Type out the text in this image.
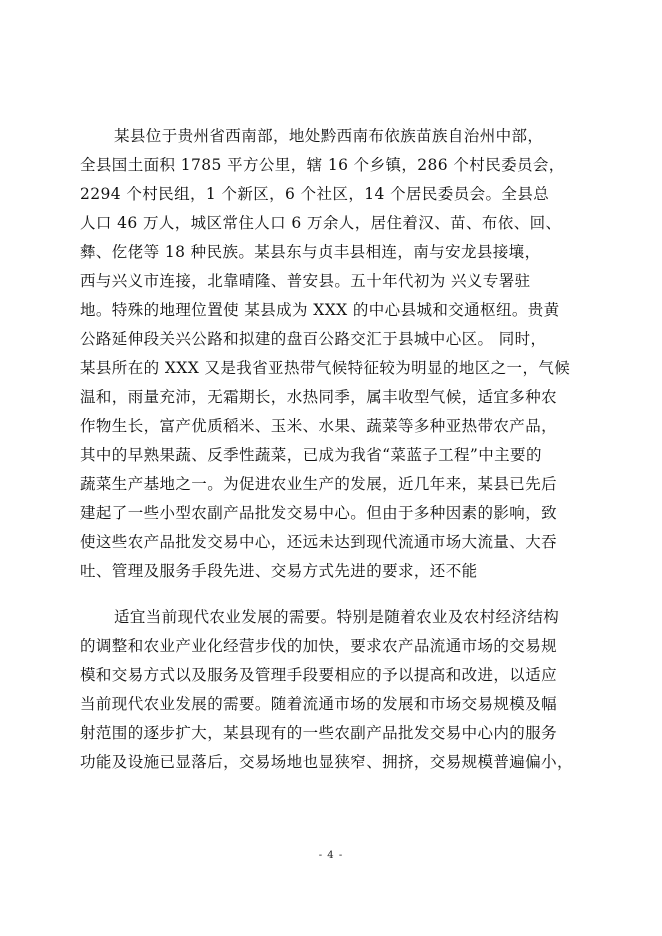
某县位于贵州省西南部，地处黔西南布依族苗族自治州中部，
全县国土面积 1785 平方公里，辖 16 个乡镇，286 个村民委员会，
2294 个村民组，1 个新区，6 个社区，14 个居民委员会。全县总
人口 46 万人，城区常住人口 6 万余人，居住着汉、苗、布依、回、
彝、仡佬等 18 种民族。某县东与贞丰县相连，南与安龙县接壤，
西与兴义市连接，北靠晴隆、普安县。五十年代初为 兴义专署驻
地。特殊的地理位置使 某县成为 XXX 的中心县城和交通枢纽。贵黄
公路延伸段关兴公路和拟建的盘百公路交汇于县城中心区。 同时，
某县所在的 XXX 又是我省亚热带气候特征较为明显的地区之一，气候
温和，雨量充沛，无霜期长，水热同季，属丰收型气候，适宜多种农
作物生长，富产优质稻米、玉米、水果、蔬菜等多种亚热带农产品，
其中的早熟果蔬、反季性蔬菜，已成为我省“菜蓝子工程”中主要的
蔬菜生产基地之一。为促进农业生产的发展，近几年来，某县已先后
建起了一些小型农副产品批发交易中心。但由于多种因素的影响，致
使这些农产品批发交易中心，还远未达到现代流通市场大流量、大吞
吐、管理及服务手段先进、交易方式先进的要求，还不能
适宜当前现代农业发展的需要。特别是随着农业及农村经济结构
的调整和农业产业化经营步伐的加快，要求农产品流通市场的交易规
模和交易方式以及服务及管理手段要相应的予以提高和改进，以适应
当前现代农业发展的需要。随着流通市场的发展和市场交易规模及幅
射范围的逐步扩大，某县现有的一些农副产品批发交易中心内的服务
功能及设施已显落后，交易场地也显狭窄、拥挤，交易规模普遍偏小，
- 4 -
